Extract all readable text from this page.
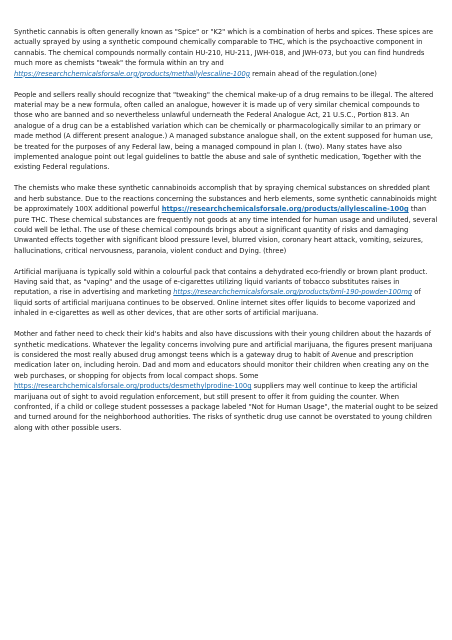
Synthetic cannabis is often generally known as "Spice" or "K2" which is a combination of herbs and spices. These spices are actually sprayed by using a synthetic compound chemically comparable to THC, which is the psychoactive component in cannabis. The chemical compounds normally contain HU-210, HU-211, JWH-018, and JWH-073, but you can find hundreds much more as chemists "tweak" the formula within an try and https://researchchemicalsforsale.org/products/methallylescaline-100g remain ahead of the regulation.(one)

People and sellers really should recognize that "tweaking" the chemical make-up of a drug remains to be illegal. The altered material may be a new formula, often called an analogue, however it is made up of very similar chemical compounds to those who are banned and so nevertheless unlawful underneath the Federal Analogue Act, 21 U.S.C., Portion 813. An analogue of a drug can be a established variation which can be chemically or pharmacologically similar to an primary or made method (A different present analogue.) A managed substance analogue shall, on the extent supposed for human use, be treated for the purposes of any Federal law, being a managed compound in plan I. (two). Many states have also implemented analogue point out legal guidelines to battle the abuse and sale of synthetic medication, Together with the existing Federal regulations.

The chemists who make these synthetic cannabinoids accomplish that by spraying chemical substances on shredded plant and herb substance. Due to the reactions concerning the substances and herb elements, some synthetic cannabinoids might be approximately 100X additional powerful https://researchchemicalsforsale.org/products/allylescaline-100g than pure THC. These chemical substances are frequently not goods at any time intended for human usage and undiluted, several could well be lethal. The use of these chemical compounds brings about a significant quantity of risks and damaging Unwanted effects together with significant blood pressure level, blurred vision, coronary heart attack, vomiting, seizures, hallucinations, critical nervousness, paranoia, violent conduct and Dying. (three)

Artificial marijuana is typically sold within a colourful pack that contains a dehydrated eco-friendly or brown plant product. Having said that, as "vaping" and the usage of e-cigarettes utilizing liquid variants of tobacco substitutes raises in reputation, a rise in advertising and marketing https://researchchemicalsforsale.org/products/bml-190-powder-100mg of liquid sorts of artificial marijuana continues to be observed. Online internet sites offer liquids to become vaporized and inhaled in e-cigarettes as well as other devices, that are other sorts of artificial marijuana.

Mother and father need to check their kid's habits and also have discussions with their young children about the hazards of synthetic medications. Whatever the legality concerns involving pure and artificial marijuana, the figures present marijuana is considered the most really abused drug amongst teens which is a gateway drug to habit of Avenue and prescription medication later on, including heroin. Dad and mom and educators should monitor their children when creating any on the web purchases, or shopping for objects from local compact shops. Some https://researchchemicalsforsale.org/products/desmethylprodine-100g suppliers may well continue to keep the artificial marijuana out of sight to avoid regulation enforcement, but still present to offer it from guiding the counter. When confronted, if a child or college student possesses a package labeled "Not for Human Usage", the material ought to be seized and turned around for the neighborhood authorities. The risks of synthetic drug use cannot be overstated to young children along with other possible users.
